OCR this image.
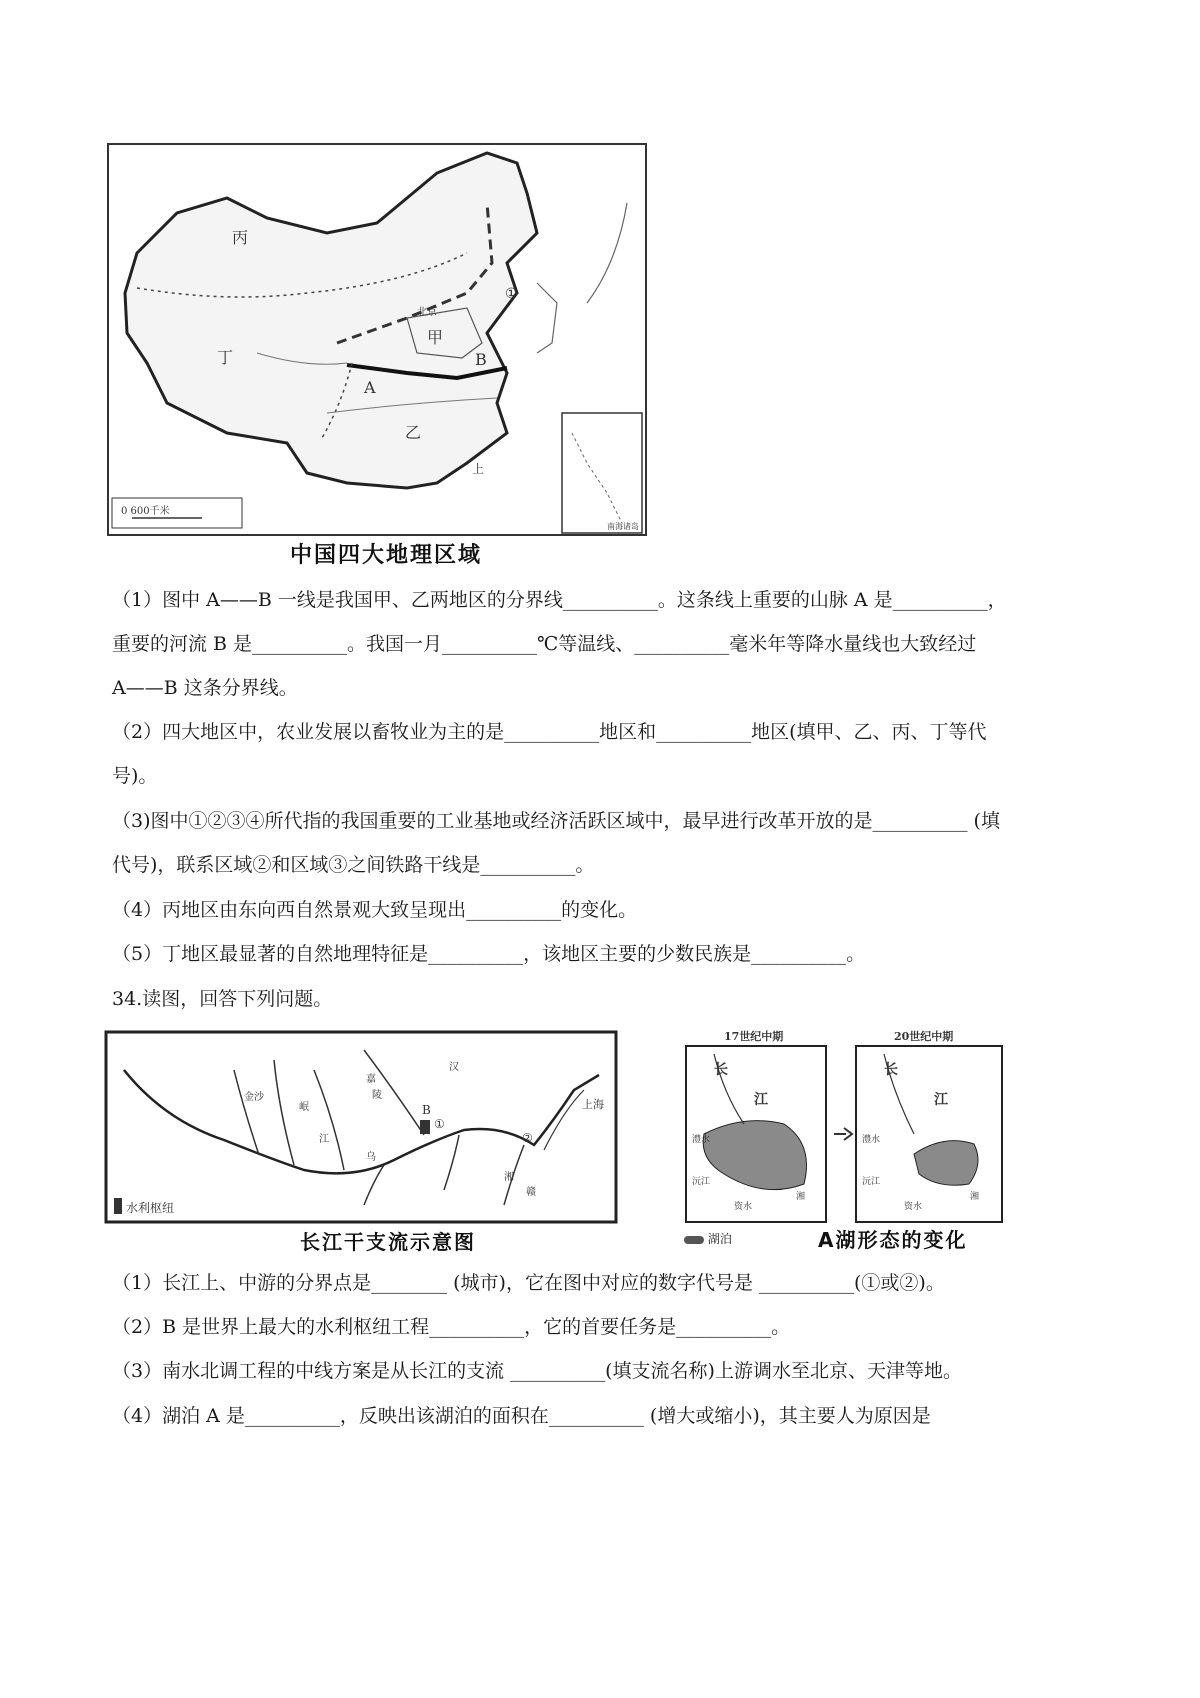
南海诸岛
0 600千米
丙
丁
甲
乙
A
B
①
北京
上
中国四大地理区域
（1）图中 A——B 一线是我国甲、乙两地区的分界线__________。这条线上重要的山脉 A 是__________，
重要的河流 B 是__________。我国一月__________℃等温线、__________毫米年等降水量线也大致经过
A——B 这条分界线。
（2）四大地区中，农业发展以畜牧业为主的是__________地区和__________地区(填甲、乙、丙、丁等代
号)。
（3)图中①②③④所代指的我国重要的工业基地或经济活跃区域中，最早进行改革开放的是__________ (填
代号)，联系区域②和区域③之间铁路干线是__________。
（4）丙地区由东向西自然景观大致呈现出__________的变化。
（5）丁地区最显著的自然地理特征是__________，该地区主要的少数民族是__________。
34.读图，回答下列问题。
水利枢纽
B
①
②
上海
嘉
陵
汉
岷
乌
湘
赣
金沙
江
长江干支流示意图
17世纪中期
长
江
澧水
沅江
资水
湘
20世纪中期
长
江
澧水
沅江
资水
湘
湖泊	A湖形态的变化
（1）长江上、中游的分界点是________ (城市)，它在图中对应的数字代号是 __________(①或②)。
（2）B 是世界上最大的水利枢纽工程__________，它的首要任务是__________。
（3）南水北调工程的中线方案是从长江的支流 __________(填支流名称)上游调水至北京、天津等地。
（4）湖泊 A 是__________，反映出该湖泊的面积在__________ (增大或缩小)，其主要人为原因是
